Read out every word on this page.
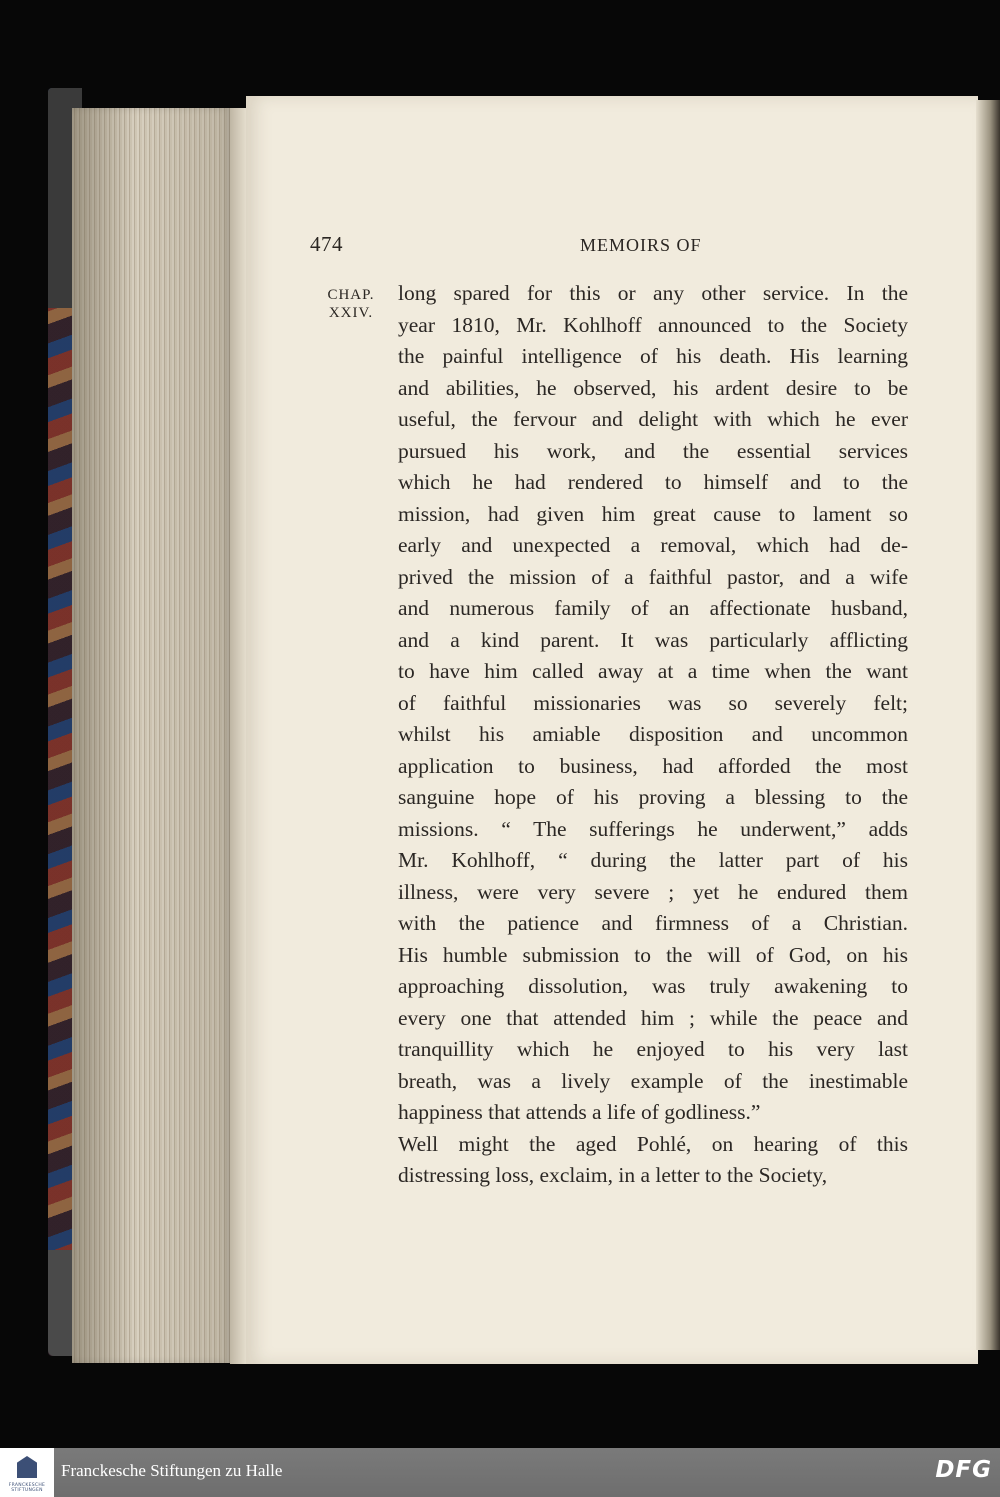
474	MEMOIRS OF
CHAP.
XXIV.
long spared for this or any other service. In the
year 1810, Mr. Kohlhoff announced to the Society
the painful intelligence of his death. His learning
and abilities, he observed, his ardent desire to be
useful, the fervour and delight with which he ever
pursued his work, and the essential services
which he had rendered to himself and to the
mission, had given him great cause to lament so
early and unexpected a removal, which had de-
prived the mission of a faithful pastor, and a wife
and numerous family of an affectionate husband,
and a kind parent. It was particularly afflicting
to have him called away at a time when the want
of faithful missionaries was so severely felt;
whilst his amiable disposition and uncommon
application to business, had afforded the most
sanguine hope of his proving a blessing to the
missions. “ The sufferings he underwent,” adds
Mr. Kohlhoff, “ during the latter part of his
illness, were very severe ; yet he endured them
with the patience and firmness of a Christian.
His humble submission to the will of God, on his
approaching dissolution, was truly awakening to
every one that attended him ; while the peace and
tranquillity which he enjoyed to his very last
breath, was a lively example of the inestimable
happiness that attends a life of godliness.”
Well might the aged Pohlé, on hearing of this
distressing loss, exclaim, in a letter to the Society,
FRANCKESCHE STIFTUNGEN
Franckesche Stiftungen zu Halle	DFG
